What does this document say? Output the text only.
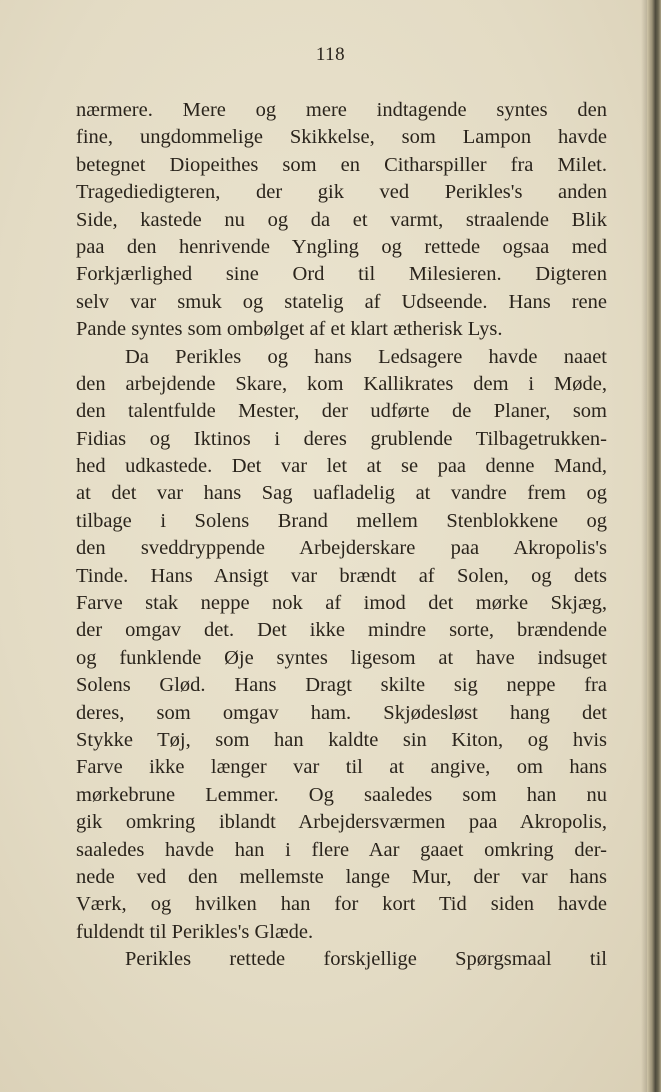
118
nærmere. Mere og mere indtagende syntes den
fine, ungdommelige Skikkelse, som Lampon havde
betegnet Diopeithes som en Citharspiller fra Milet.
Tragediedigteren, der gik ved Perikles's anden
Side, kastede nu og da et varmt, straalende Blik
paa den henrivende Yngling og rettede ogsaa med
Forkjærlighed sine Ord til Milesieren. Digteren
selv var smuk og statelig af Udseende. Hans rene
Pande syntes som ombølget af et klart ætherisk Lys.
Da Perikles og hans Ledsagere havde naaet
den arbejdende Skare, kom Kallikrates dem i Møde,
den talentfulde Mester, der udførte de Planer, som
Fidias og Iktinos i deres grublende Tilbagetrukken-
hed udkastede. Det var let at se paa denne Mand,
at det var hans Sag uafladelig at vandre frem og
tilbage i Solens Brand mellem Stenblokkene og
den sveddryppende Arbejderskare paa Akropolis's
Tinde. Hans Ansigt var brændt af Solen, og dets
Farve stak neppe nok af imod det mørke Skjæg,
der omgav det. Det ikke mindre sorte, brændende
og funklende Øje syntes ligesom at have indsuget
Solens Glød. Hans Dragt skilte sig neppe fra
deres, som omgav ham. Skjødesløst hang det
Stykke Tøj, som han kaldte sin Kiton, og hvis
Farve ikke længer var til at angive, om hans
mørkebrune Lemmer. Og saaledes som han nu
gik omkring iblandt Arbejdersværmen paa Akropolis,
saaledes havde han i flere Aar gaaet omkring der-
nede ved den mellemste lange Mur, der var hans
Værk, og hvilken han for kort Tid siden havde
fuldendt til Perikles's Glæde.
Perikles rettede forskjellige Spørgsmaal til
